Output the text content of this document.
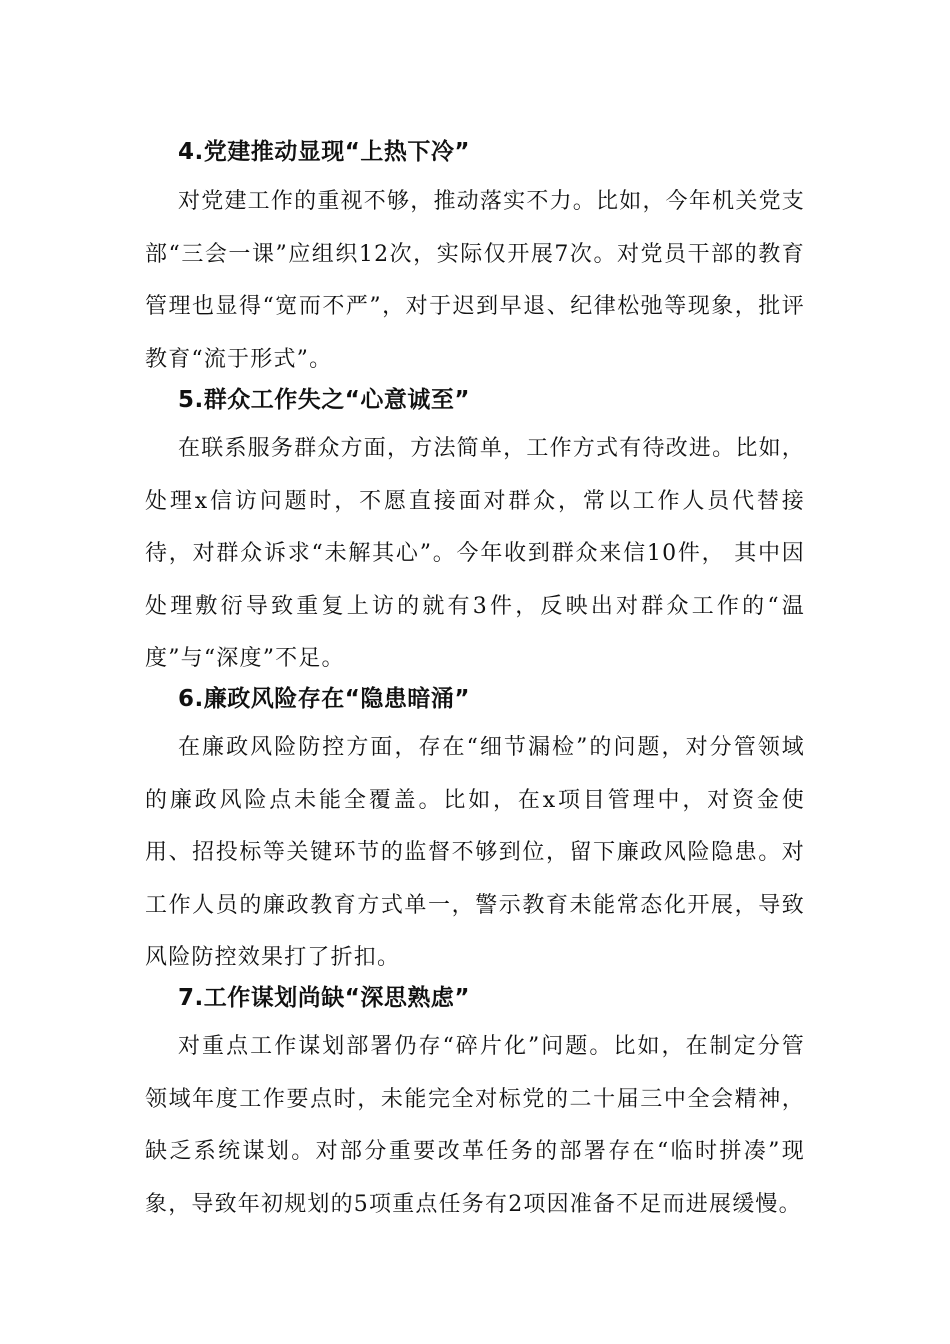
4.党建推动显现“上热下冷”
对党建工作的重视不够，推动落实不力。比如，今年机关党支部“三会一课”应组织12次，实际仅开展7次。对党员干部的教育管理也显得“宽而不严”，对于迟到早退、纪律松弛等现象，批评教育“流于形式”。
5.群众工作失之“心意诚至”
在联系服务群众方面，方法简单，工作方式有待改进。比如，处理x信访问题时，不愿直接面对群众，常以工作人员代替接待，对群众诉求“未解其心”。今年收到群众来信10件， 其中因处理敷衍导致重复上访的就有3件，反映出对群众工作的“温度”与“深度”不足。
6.廉政风险存在“隐患暗涌”
在廉政风险防控方面，存在“细节漏检”的问题，对分管领域的廉政风险点未能全覆盖。比如，在x项目管理中，对资金使用、招投标等关键环节的监督不够到位，留下廉政风险隐患。对工作人员的廉政教育方式单一，警示教育未能常态化开展，导致风险防控效果打了折扣。
7.工作谋划尚缺“深思熟虑”
对重点工作谋划部署仍存“碎片化”问题。比如，在制定分管领域年度工作要点时，未能完全对标党的二十届三中全会精神，缺乏系统谋划。对部分重要改革任务的部署存在“临时拼凑”现象，导致年初规划的5项重点任务有2项因准备不足而进展缓慢。
